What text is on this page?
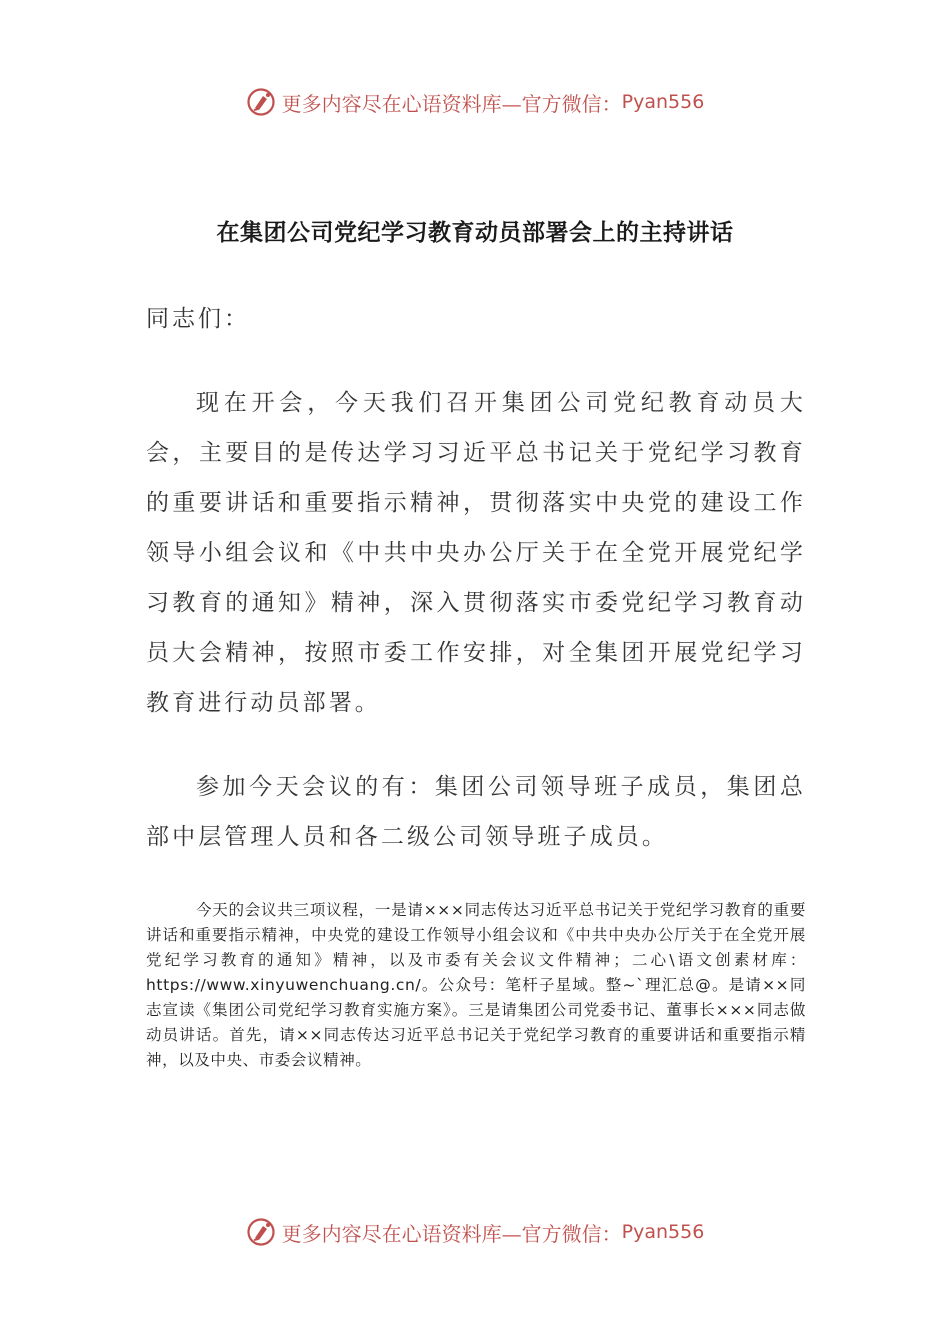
更多内容尽在心语资料库—官方微信： Pyan556
在集团公司党纪学习教育动员部署会上的主持讲话
同志们：

现在开会，今天我们召开集团公司党纪教育动员大会，主要目的是传达学习习近平总书记关于党纪学习教育的重要讲话和重要指示精神，贯彻落实中央党的建设工作领导小组会议和《中共中央办公厅关于在全党开展党纪学习教育的通知》精神，深入贯彻落实市委党纪学习教育动员大会精神，按照市委工作安排，对全集团开展党纪学习教育进行动员部署。

参加今天会议的有：集团公司领导班子成员，集团总部中层管理人员和各二级公司领导班子成员。

今天的会议共三项议程，一是请×××同志传达习近平总书记关于党纪学习教育的重要讲话和重要指示精神，中央党的建设工作领导小组会议和《中共中央办公厅关于在全党开展党纪学习教育的通知》精神，以及市委有关会议文件精神；二心\语文创素材库：https://www.xinyuwenchuang.cn/。公众号：笔杆子星域。整~`理汇总@。是请××同志宣读《集团公司党纪学习教育实施方案》。三是请集团公司党委书记、董事长×××同志做动员讲话。首先，请××同志传达习近平总书记关于党纪学习教育的重要讲话和重要指示精神，以及中央、市委会议精神。

更多内容尽在心语资料库—官方微信： Pyan556
